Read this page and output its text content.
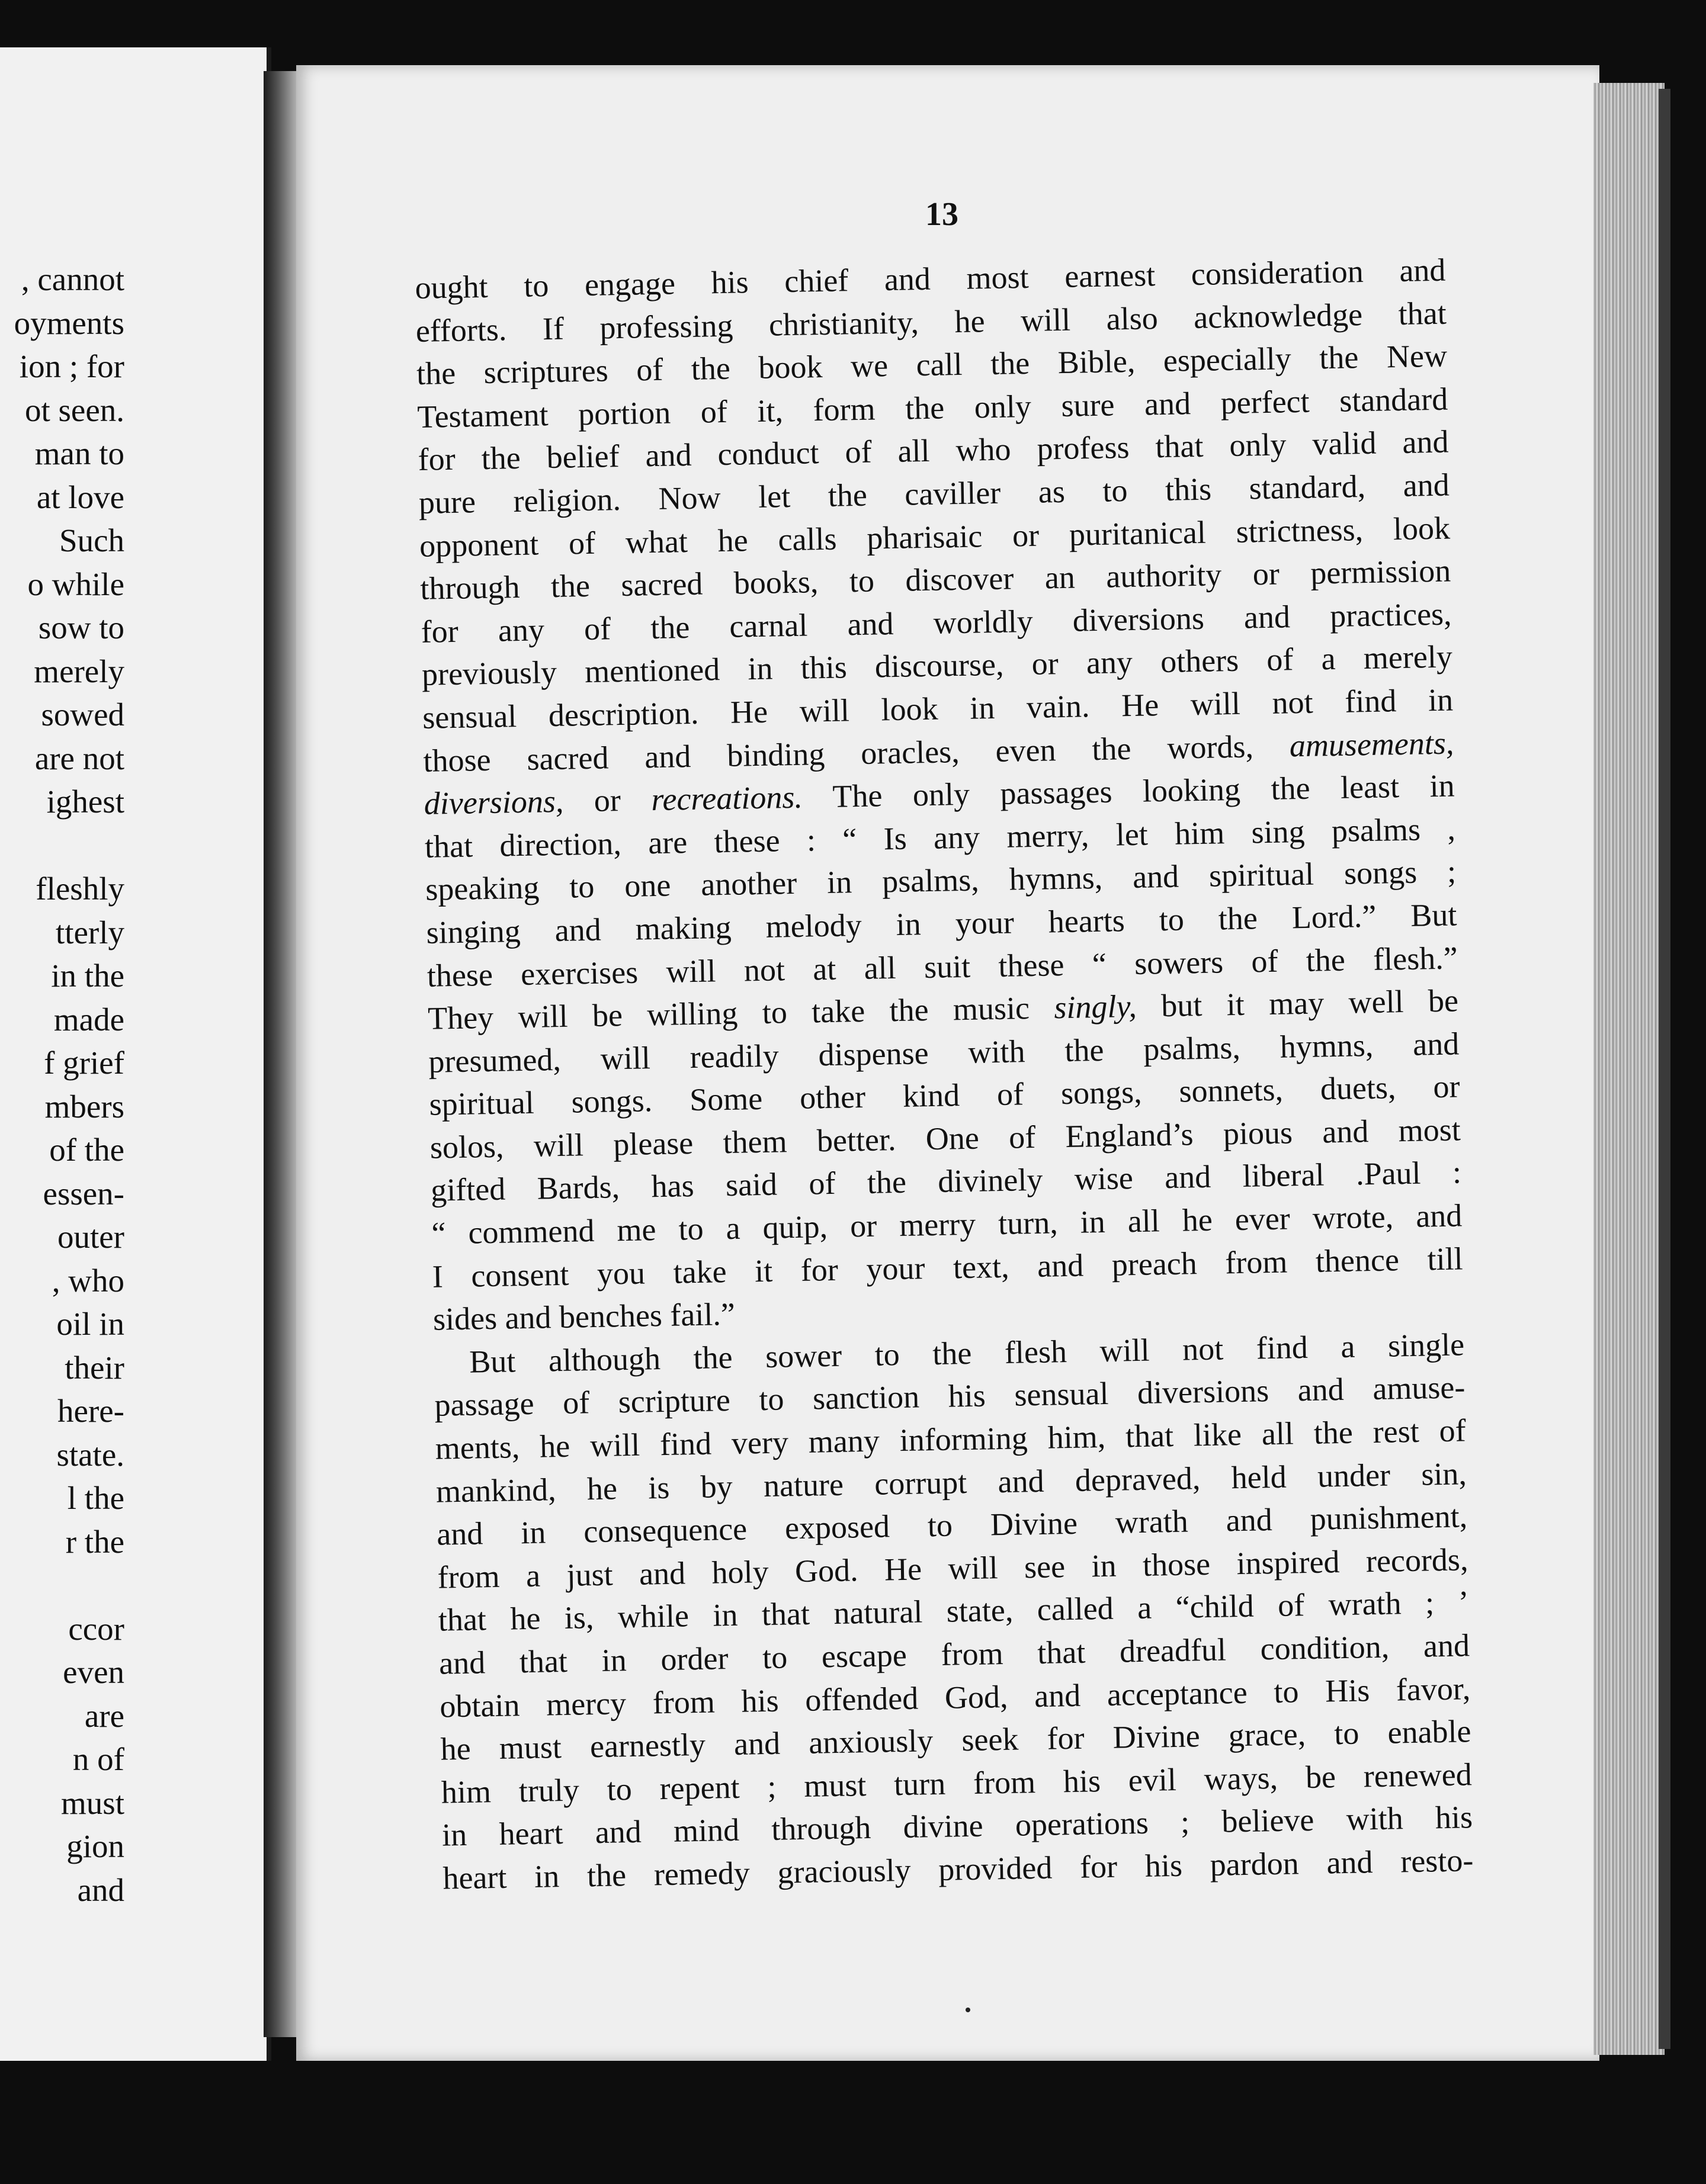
, cannot
oyments
ion ; for
ot seen.
man to
at love
Such
o while
sow to
merely
sowed
are not
ighest

fleshly
tterly
in the
made
f grief
mbers
of the
essen-
outer
, who
oil in
their
here-
state.
l the
r the

ccor
even
are
n of
must
gion
and
13
ought to engage his chief and most earnest consideration and
efforts. If professing christianity, he will also acknowledge that
the scriptures of the book we call the Bible, especially the New
Testament portion of it, form the only sure and perfect standard
for the belief and conduct of all who profess that only valid and
pure religion. Now let the caviller as to this standard, and
opponent of what he calls pharisaic or puritanical strictness, look
through the sacred books, to discover an authority or permission
for any of the carnal and worldly diversions and practices,
previously mentioned in this discourse, or any others of a merely
sensual description. He will look in vain. He will not find in
those sacred and binding oracles, even the words, amusements,
diversions, or recreations. The only passages looking the least in
that direction, are these : “ Is any merry, let him sing psalms ,
speaking to one another in psalms, hymns, and spiritual songs ;
singing and making melody in your hearts to the Lord.” But
these exercises will not at all suit these “ sowers of the flesh.”
They will be willing to take the music singly, but it may well be
presumed, will readily dispense with the psalms, hymns, and
spiritual songs. Some other kind of songs, sonnets, duets, or
solos, will please them better. One of England’s pious and most
gifted Bards, has said of the divinely wise and liberal .Paul :
“ commend me to a quip, or merry turn, in all he ever wrote, and
I consent you take it for your text, and preach from thence till
sides and benches fail.”
But although the sower to the flesh will not find a single
passage of scripture to sanction his sensual diversions and amuse-
ments, he will find very many informing him, that like all the rest of
mankind, he is by nature corrupt and depraved, held under sin,
and in consequence exposed to Divine wrath and punishment,
from a just and holy God. He will see in those inspired records,
that he is, while in that natural state, called a “child of wrath ; ’
and that in order to escape from that dreadful condition, and
obtain mercy from his offended God, and acceptance to His favor,
he must earnestly and anxiously seek for Divine grace, to enable
him truly to repent ; must turn from his evil ways, be renewed
in heart and mind through divine operations ; believe with his
heart in the remedy graciously provided for his pardon and resto-
